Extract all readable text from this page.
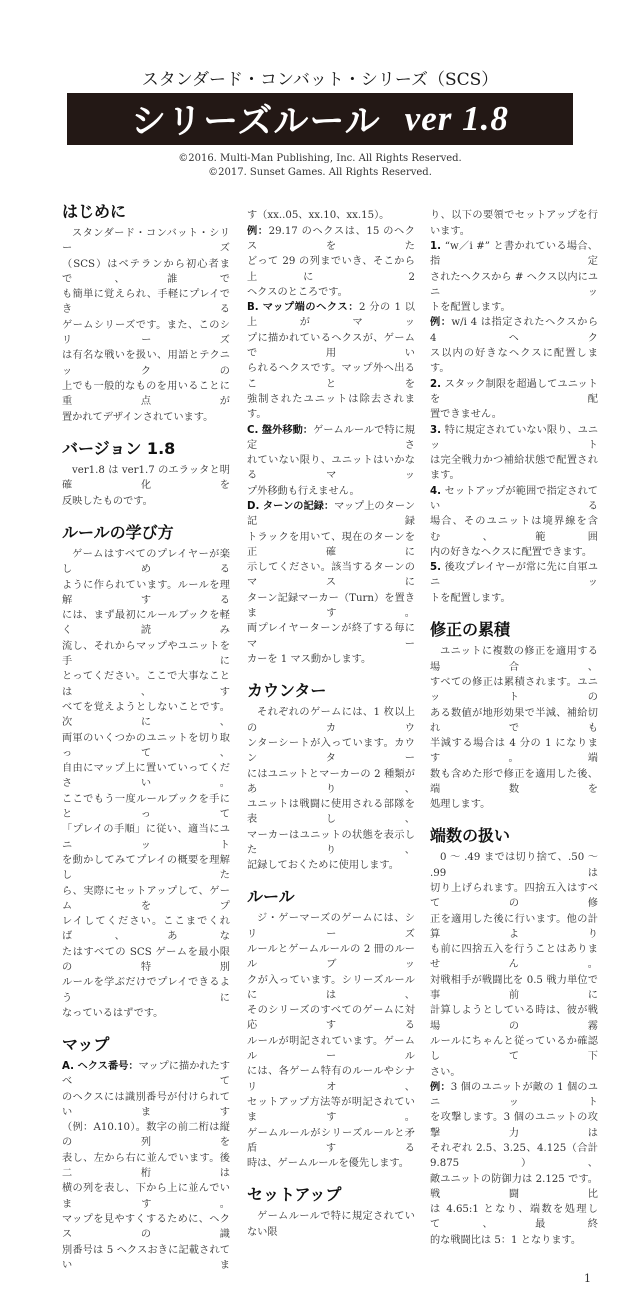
スタンダード・コンバット・シリーズ（SCS）
シリーズルール ver 1.8
©2016. Multi-Man Publishing, Inc. All Rights Reserved.
©2017. Sunset Games. All Rights Reserved.
はじめに
スタンダード・コンバット・シリーズ
（SCS）はベテランから初心者まで、誰で
も簡単に覚えられ、手軽にプレイできる
ゲームシリーズです。また、このシリーズ
は有名な戦いを扱い、用語とテクニックの
上でも一般的なものを用いることに重点が
置かれてデザインされています。
バージョン 1.8
ver1.8 は ver1.7 のエラッタと明確化を
反映したものです。
ルールの学び方
ゲームはすべてのプレイヤーが楽しめる
ように作られています。ルールを理解する
には、まず最初にルールブックを軽く読み
流し、それからマップやユニットを手に
とってください。ここで大事なことは、す
べてを覚えようとしないことです。次に、
両軍のいくつかのユニットを切り取って、
自由にマップ上に置いていってください。
ここでもう一度ルールブックを手にとって
「プレイの手順」に従い、適当にユニット
を動かしてみてプレイの概要を理解した
ら、実際にセットアップして、ゲームをプ
レイしてください。ここまでくれば、あな
たはすべての SCS ゲームを最小限の特別
ルールを学ぶだけでプレイできるように
なっているはずです。
マップ
A. ヘクス番号：マップに描かれたすべて
のヘクスには識別番号が付けられています
（例：A10.10）。数字の前二桁は縦の列を
表し、左から右に並んでいます。後二桁は
横の列を表し、下から上に並んでいます。
マップを見やすくするために、ヘクスの識
別番号は 5 ヘクスおきに記載されていま
す（xx..05、xx.10、xx.15）。
例：29.17 のヘクスは、15 のヘクスをた
どって 29 の列までいき、そこから上に 2
ヘクスのところです。
B. マップ端のヘクス：2 分の 1 以上がマッ
プに描かれているヘクスが、ゲームで用い
られるヘクスです。マップ外へ出ることを
強制されたユニットは除去されます。
C. 盤外移動：ゲームルールで特に規定さ
れていない限り、ユニットはいかなるマッ
プ外移動も行えません。
D. ターンの記録：マップ上のターン記録
トラックを用いて、現在のターンを正確に
示してください。該当するターンのマスに
ターン記録マーカー（Turn）を置きます。
両プレイヤーターンが終了する毎にマー
カーを 1 マス動かします。
カウンター
それぞれのゲームには、1 枚以上のカウ
ンターシートが入っています。カウンター
にはユニットとマーカーの 2 種類があり、
ユニットは戦闘に使用される部隊を表し、
マーカーはユニットの状態を表示したり、
記録しておくために使用します。
ルール
ジ・ゲーマーズのゲームには、シリーズ
ルールとゲームルールの 2 冊のルールブッ
クが入っています。シリーズルールには、
そのシリーズのすべてのゲームに対応する
ルールが明記されています。ゲームルール
には、各ゲーム特有のルールやシナリオ、
セットアップ方法等が明記されています。
ゲームルールがシリーズルールと矛盾する
時は、ゲームルールを優先します。
セットアップ
ゲームルールで特に規定されていない限
り、以下の要領でセットアップを行います。
1. “w／i #” と書かれている場合、指定
されたヘクスから # ヘクス以内にユニッ
トを配置します。
例：w/i 4 は指定されたヘクスから 4 ヘク
ス以内の好きなヘクスに配置します。
2. スタック制限を超過してユニットを配
置できません。
3. 特に規定されていない限り、ユニット
は完全戦力かつ補給状態で配置されます。
4. セットアップが範囲で指定されている
場合、そのユニットは境界線を含む、範囲
内の好きなヘクスに配置できます。
5. 後攻プレイヤーが常に先に自軍ユニッ
トを配置します。
修正の累積
ユニットに複数の修正を適用する場合、
すべての修正は累積されます。ユニットの
ある数値が地形効果で半減、補給切れでも
半減する場合は 4 分の 1 になります。端
数も含めた形で修正を適用した後、端数を
処理します。
端数の扱い
0 〜 .49 までは切り捨て、.50 〜 .99 は
切り上げられます。四捨五入はすべての修
正を適用した後に行います。他の計算より
も前に四捨五入を行うことはありません。
対戦相手が戦闘比を 0.5 戦力単位で事前に
計算しようとしている時は、彼が戦場の霧
ルールにちゃんと従っているか確認して下
さい。
例：3 個のユニットが敵の 1 個のユニット
を攻撃します。3 個のユニットの攻撃力は
それぞれ 2.5、3.25、4.125（合計 9.875）、
敵ユニットの防御力は 2.125 です。戦闘比
は 4.65:1 となり、端数を処理して、最終
的な戦闘比は 5：1 となります。
1
